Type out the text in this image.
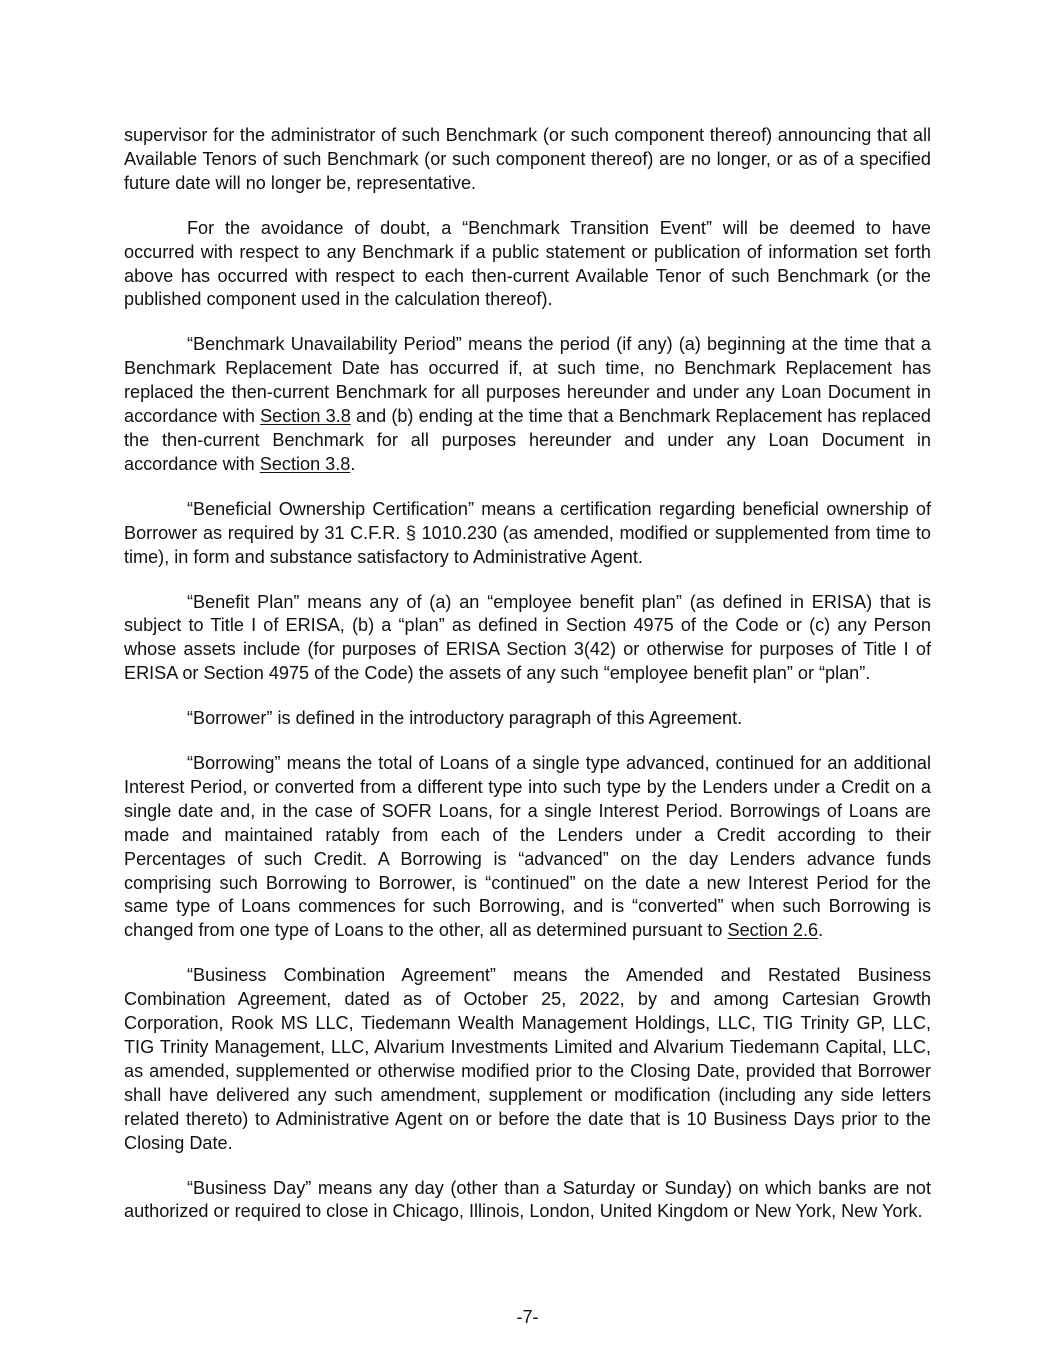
supervisor for the administrator of such Benchmark (or such component thereof) announcing that all Available Tenors of such Benchmark (or such component thereof) are no longer, or as of a specified future date will no longer be, representative.

For the avoidance of doubt, a “Benchmark Transition Event” will be deemed to have occurred with respect to any Benchmark if a public statement or publication of information set forth above has occurred with respect to each then-current Available Tenor of such Benchmark (or the published component used in the calculation thereof).

“Benchmark Unavailability Period” means the period (if any) (a) beginning at the time that a Benchmark Replacement Date has occurred if, at such time, no Benchmark Replacement has replaced the then-current Benchmark for all purposes hereunder and under any Loan Document in accordance with Section 3.8 and (b) ending at the time that a Benchmark Replacement has replaced the then-current Benchmark for all purposes hereunder and under any Loan Document in accordance with Section 3.8.

“Beneficial Ownership Certification” means a certification regarding beneficial ownership of Borrower as required by 31 C.F.R. § 1010.230 (as amended, modified or supplemented from time to time), in form and substance satisfactory to Administrative Agent.

“Benefit Plan” means any of (a) an “employee benefit plan” (as defined in ERISA) that is subject to Title I of ERISA, (b) a “plan” as defined in Section 4975 of the Code or (c) any Person whose assets include (for purposes of ERISA Section 3(42) or otherwise for purposes of Title I of ERISA or Section 4975 of the Code) the assets of any such “employee benefit plan” or “plan”.

“Borrower” is defined in the introductory paragraph of this Agreement.

“Borrowing” means the total of Loans of a single type advanced, continued for an additional Interest Period, or converted from a different type into such type by the Lenders under a Credit on a single date and, in the case of SOFR Loans, for a single Interest Period. Borrowings of Loans are made and maintained ratably from each of the Lenders under a Credit according to their Percentages of such Credit. A Borrowing is “advanced” on the day Lenders advance funds comprising such Borrowing to Borrower, is “continued” on the date a new Interest Period for the same type of Loans commences for such Borrowing, and is “converted” when such Borrowing is changed from one type of Loans to the other, all as determined pursuant to Section 2.6.

“Business Combination Agreement” means the Amended and Restated Business Combination Agreement, dated as of October 25, 2022, by and among Cartesian Growth Corporation, Rook MS LLC, Tiedemann Wealth Management Holdings, LLC, TIG Trinity GP, LLC, TIG Trinity Management, LLC, Alvarium Investments Limited and Alvarium Tiedemann Capital, LLC, as amended, supplemented or otherwise modified prior to the Closing Date, provided that Borrower shall have delivered any such amendment, supplement or modification (including any side letters related thereto) to Administrative Agent on or before the date that is 10 Business Days prior to the Closing Date.

“Business Day” means any day (other than a Saturday or Sunday) on which banks are not authorized or required to close in Chicago, Illinois, London, United Kingdom or New York, New York.

-7-
